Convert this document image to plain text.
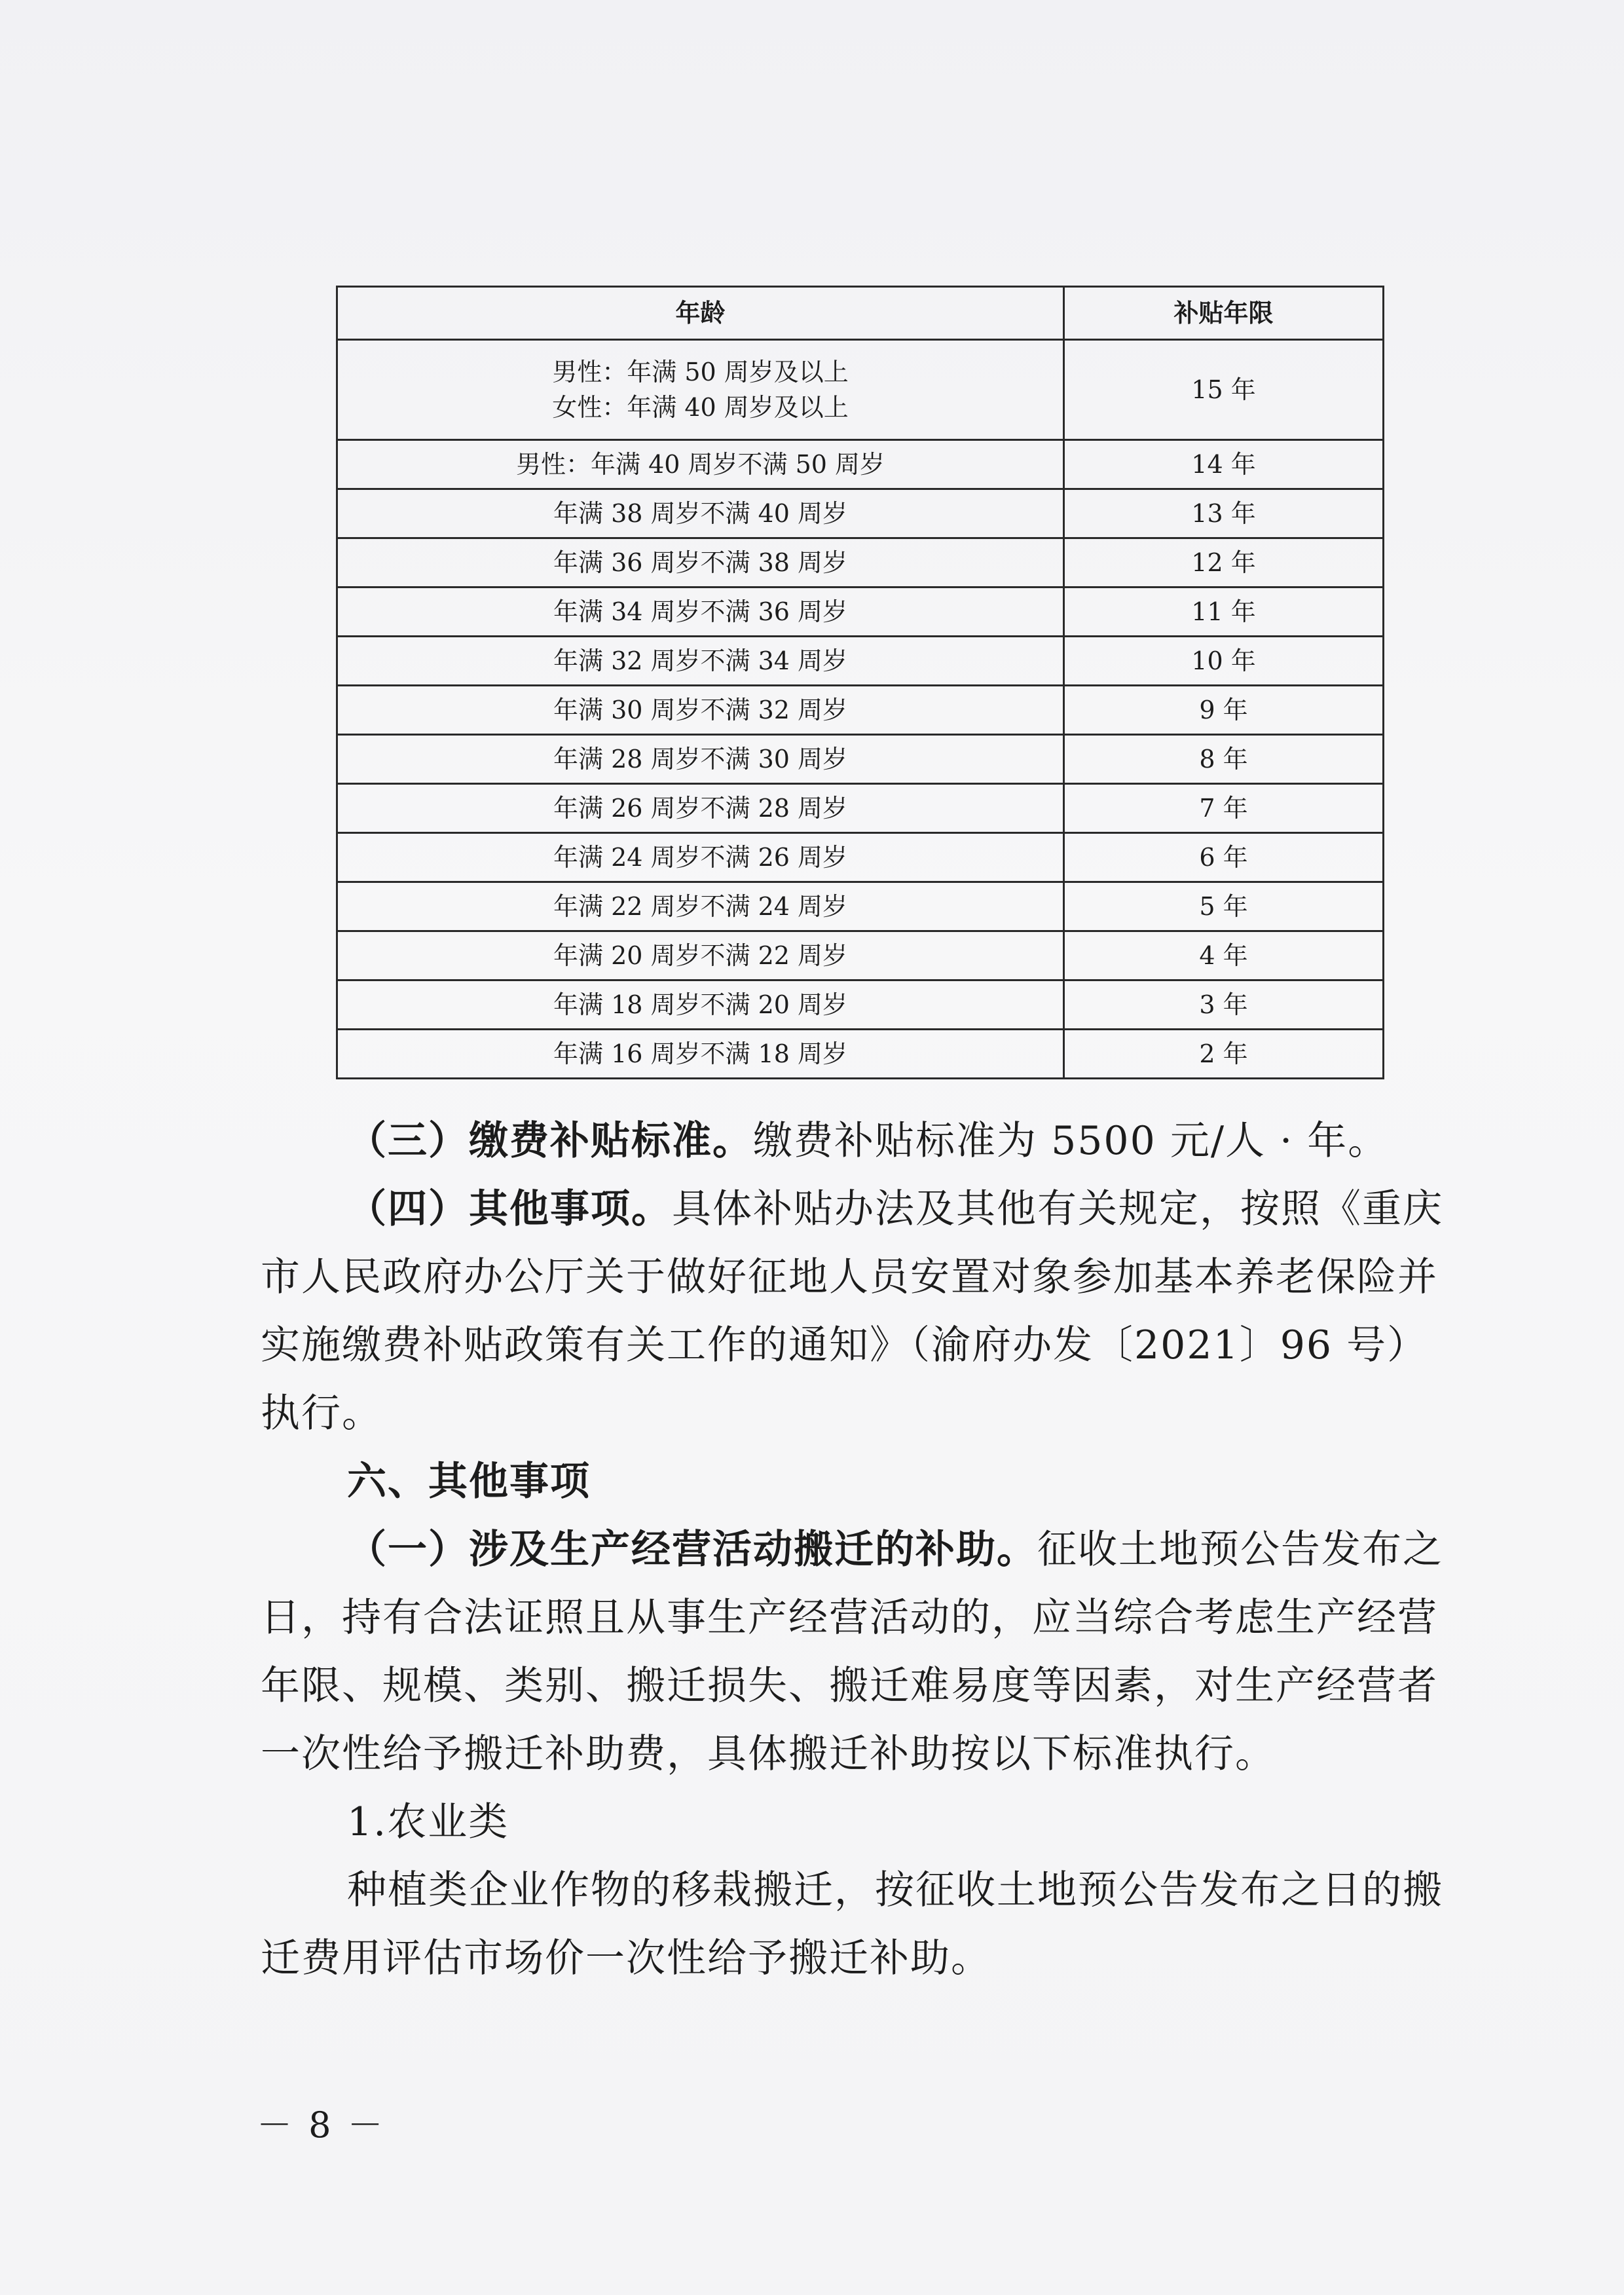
年龄	补贴年限

男性：年满 50 周岁及以上
女性：年满 40 周岁及以上	15 年
男性：年满 40 周岁不满 50 周岁	14 年
年满 38 周岁不满 40 周岁	13 年
年满 36 周岁不满 38 周岁	12 年
年满 34 周岁不满 36 周岁	11 年
年满 32 周岁不满 34 周岁	10 年
年满 30 周岁不满 32 周岁	9 年
年满 28 周岁不满 30 周岁	8 年
年满 26 周岁不满 28 周岁	7 年
年满 24 周岁不满 26 周岁	6 年
年满 22 周岁不满 24 周岁	5 年
年满 20 周岁不满 22 周岁	4 年
年满 18 周岁不满 20 周岁	3 年
年满 16 周岁不满 18 周岁	2 年

（三）缴费补贴标准。缴费补贴标准为 5500 元/人 · 年。

（四）其他事项。具体补贴办法及其他有关规定，按照《重庆市人民政府办公厅关于做好征地人员安置对象参加基本养老保险并实施缴费补贴政策有关工作的通知》（渝府办发〔2021〕96 号）执行。

六、其他事项

（一）涉及生产经营活动搬迁的补助。征收土地预公告发布之日，持有合法证照且从事生产经营活动的，应当综合考虑生产经营年限、规模、类别、搬迁损失、搬迁难易度等因素，对生产经营者一次性给予搬迁补助费，具体搬迁补助按以下标准执行。

1.农业类

种植类企业作物的移栽搬迁，按征收土地预公告发布之日的搬迁费用评估市场价一次性给予搬迁补助。

－ 8 －
